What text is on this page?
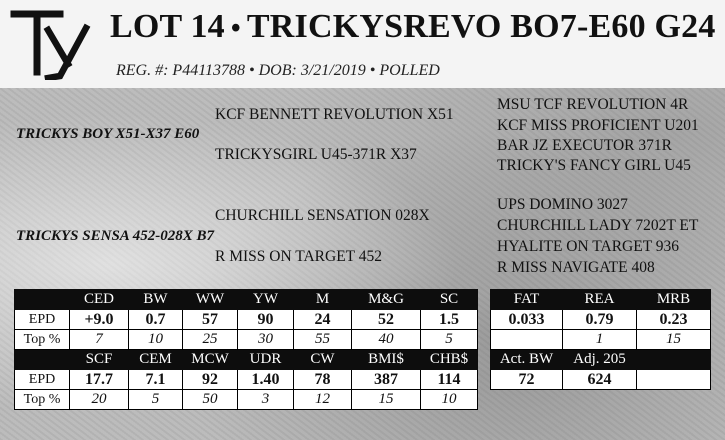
LOT 14 • TRICKYSREVO BO7-E60 G24
REG. #: P44113788 • DOB: 3/21/2019 • POLLED
KCF BENNETT REVOLUTION X51
TRICKYS BOY X51-X37 E60
TRICKYSGIRL U45-371R X37
MSU TCF REVOLUTION 4R
KCF MISS PROFICIENT U201
BAR JZ EXECUTOR 371R
TRICKY'S FANCY GIRL U45
CHURCHILL SENSATION 028X
TRICKYS SENSA 452-028X B7
R MISS ON TARGET 452
UPS DOMINO 3027
CHURCHILL LADY 7202T ET
HYALITE ON TARGET 936
R MISS NAVIGATE 408
	CED	BW	WW	YW	M	M&G	SC
EPD	+9.0	0.7	57	90	24	52	1.5
Top %	7	10	25	30	55	40	5
	SCF	CEM	MCW	UDR	CW	BMI$	CHB$
EPD	17.7	7.1	92	1.40	78	387	114
Top %	20	5	50	3	12	15	10
FAT	REA	MRB
0.033	0.79	0.23
	1	15
Act. BW	Adj. 205	
72	624	
